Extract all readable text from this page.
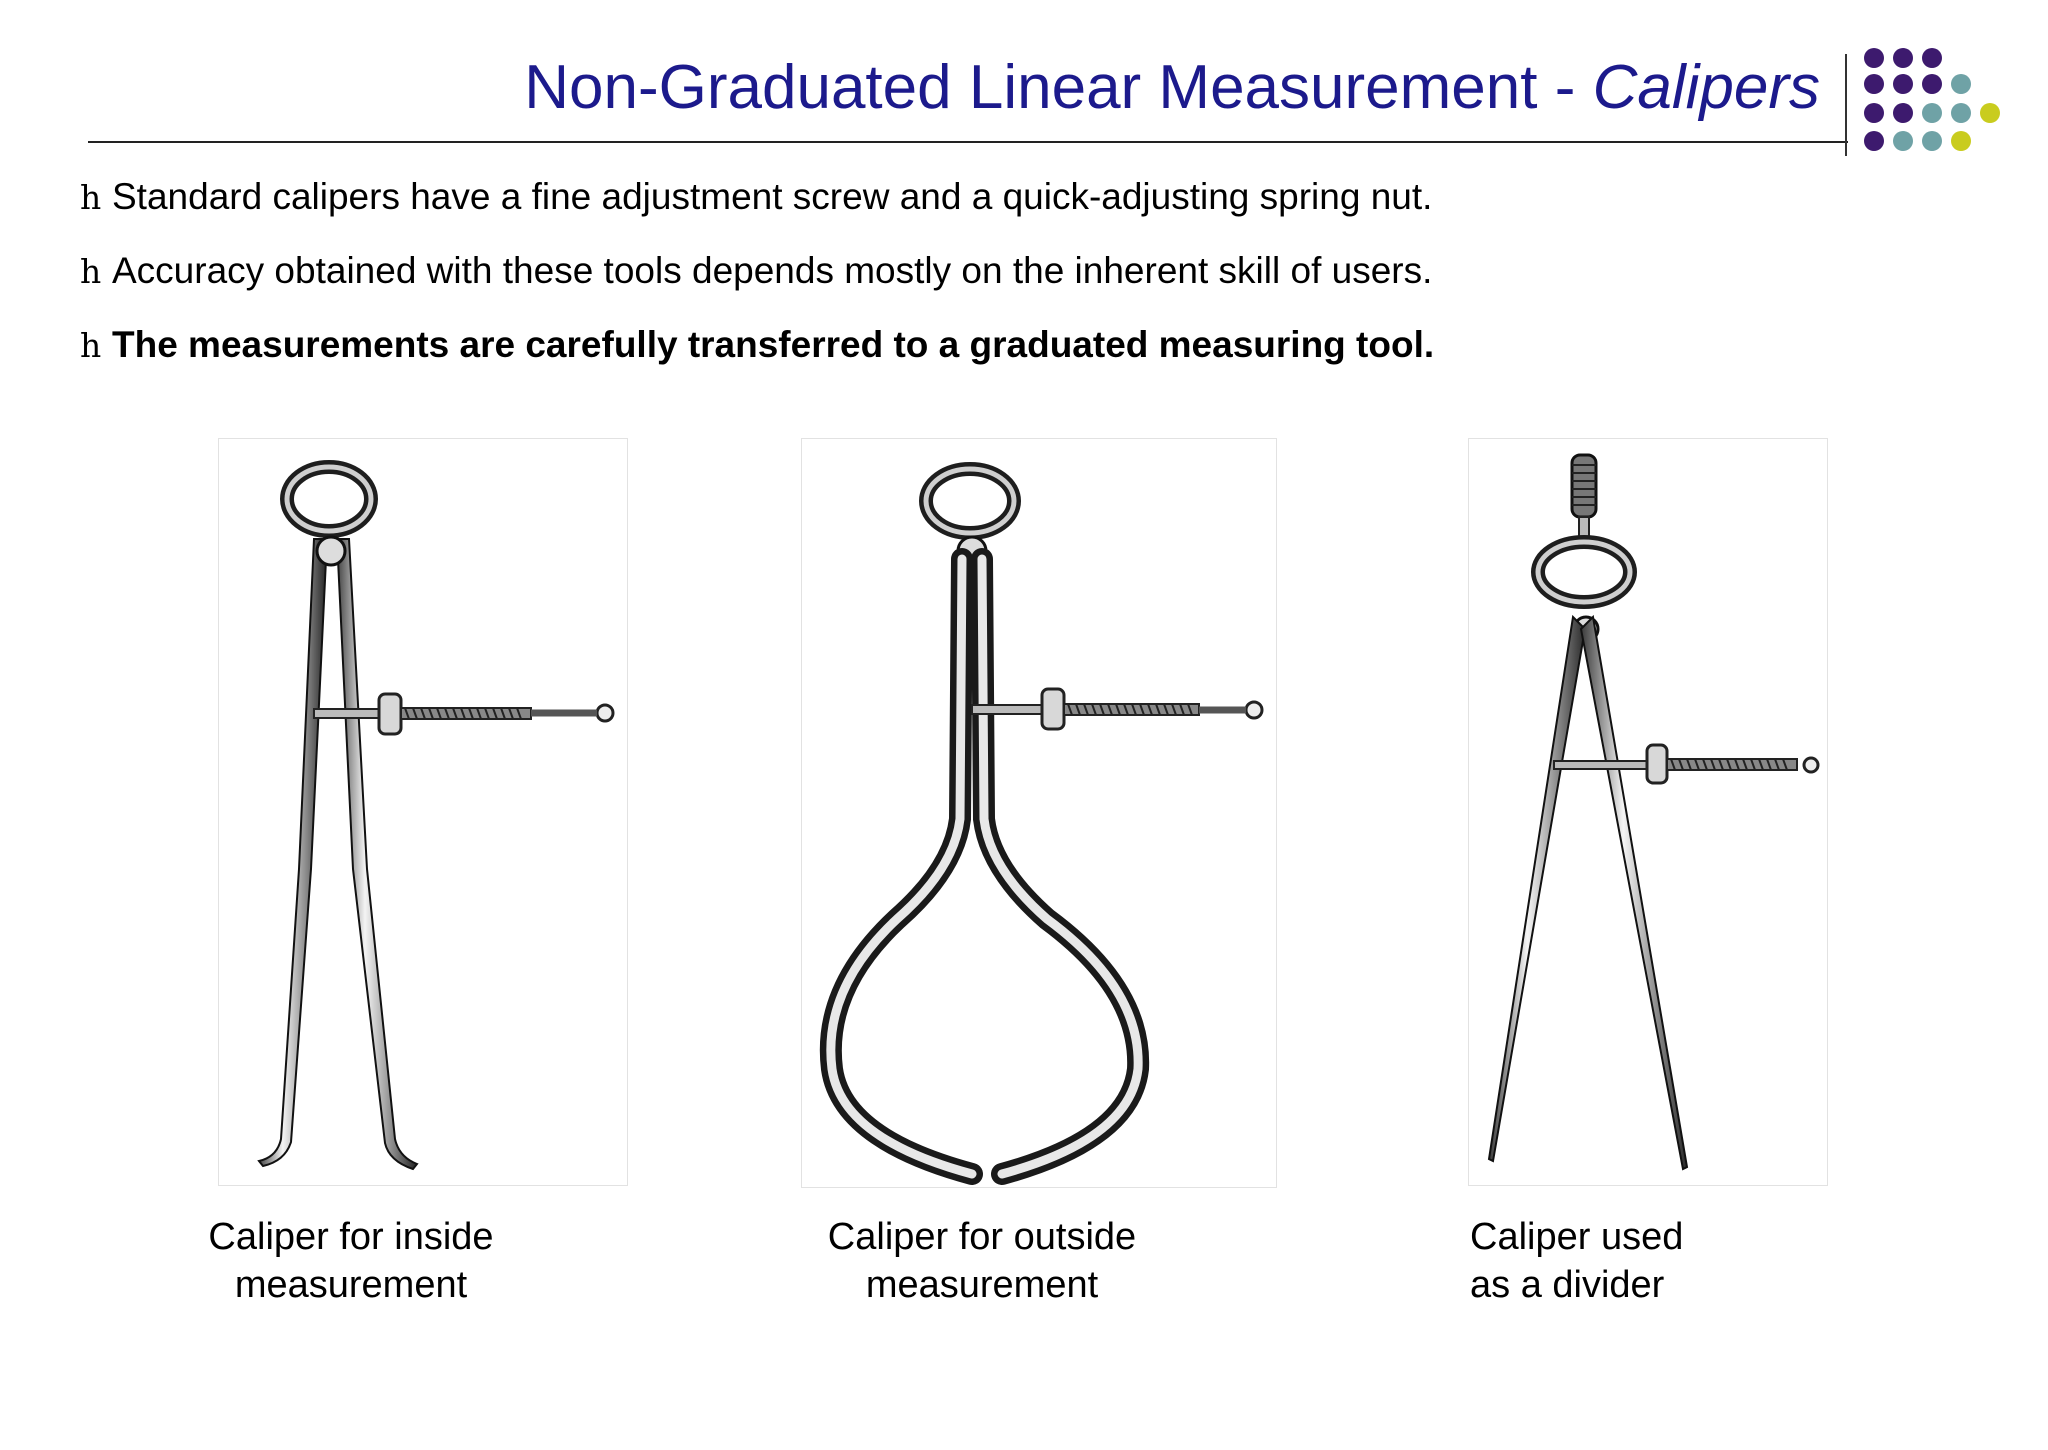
Non-Graduated Linear Measurement - Calipers
h Standard calipers have a fine adjustment screw and a quick-adjusting spring nut.
h Accuracy obtained with these tools depends mostly on the inherent skill of users.
h The measurements are carefully transferred to a graduated measuring tool.
Caliper for inside
measurement
Caliper for outside
measurement
Caliper used
as a divider
